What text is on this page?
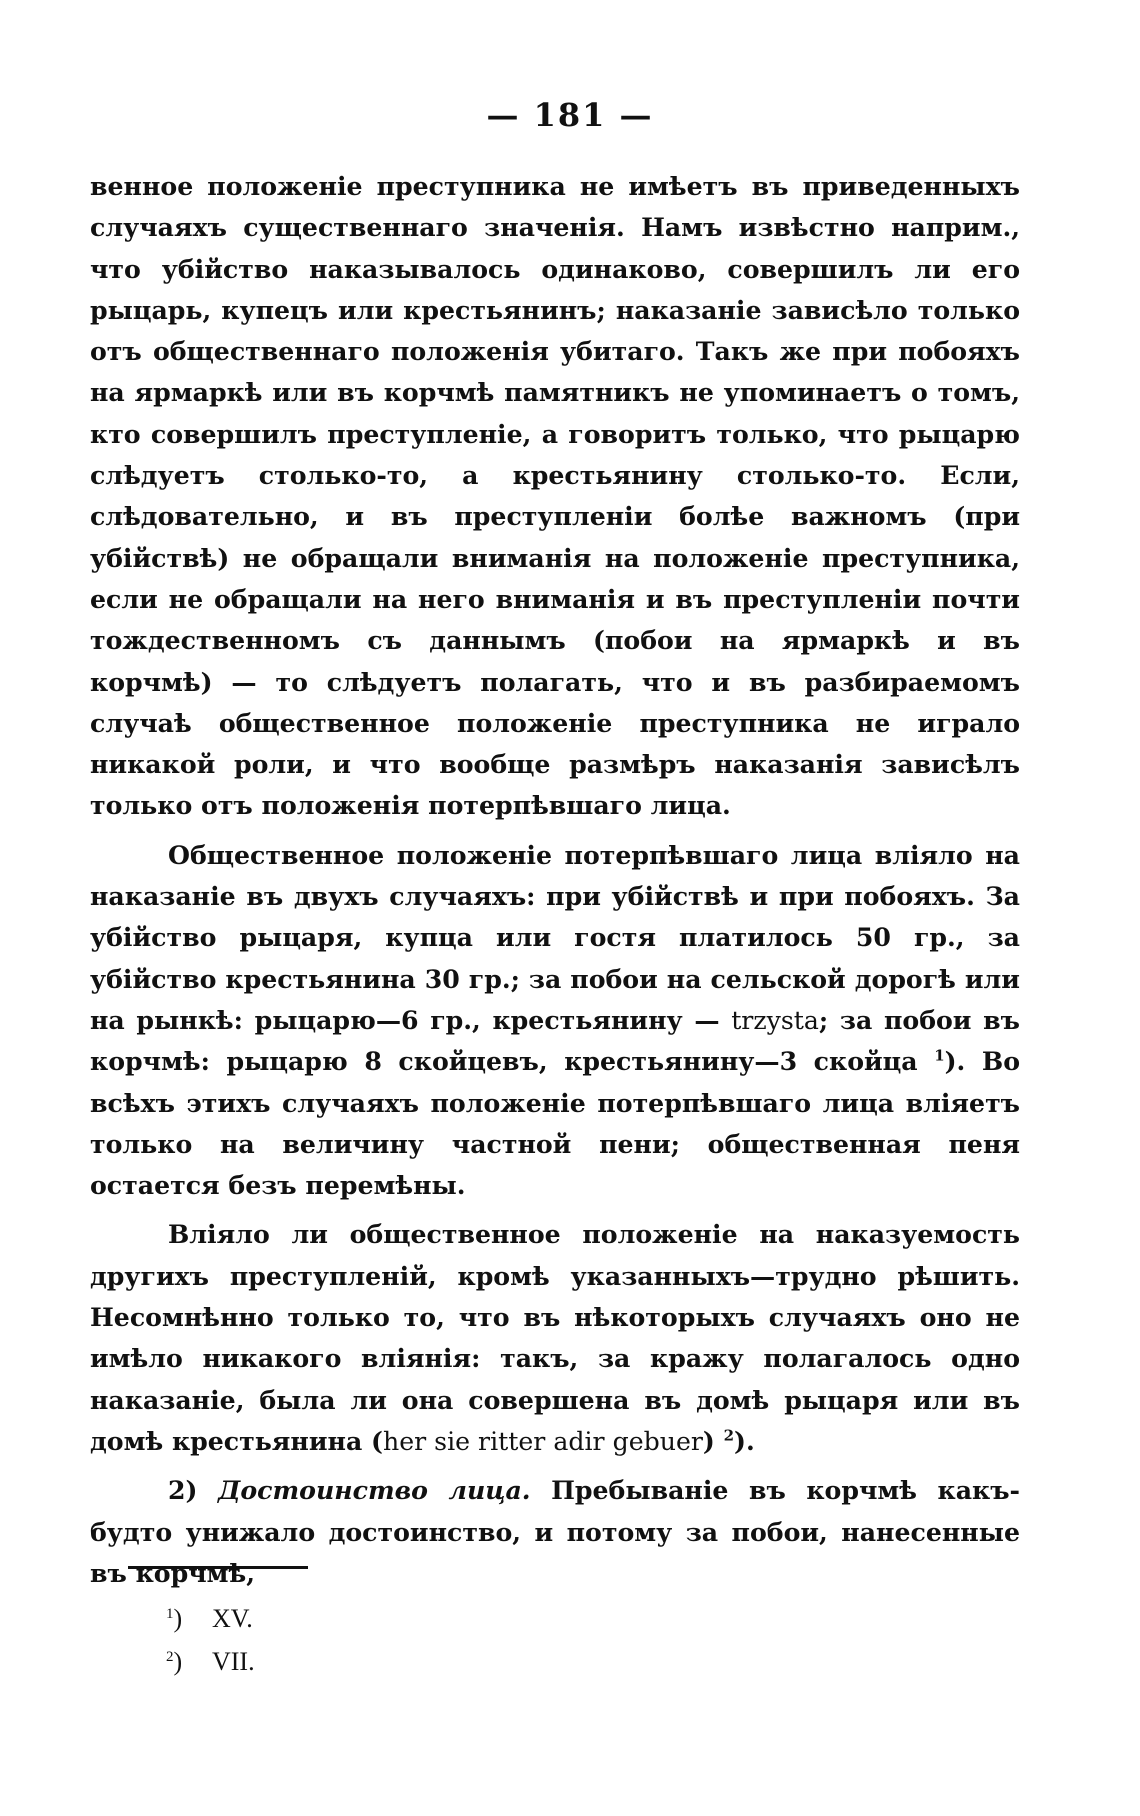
— 181 —

венное положеніе преступника не имѣетъ въ приведенныхъ случаяхъ существеннаго значенія. Намъ извѣстно наприм., что убійство наказывалось одинаково, совершилъ ли его рыцарь, купецъ или крестьянинъ; наказаніе зависѣло только отъ общественнаго положенія убитаго. Такъ же при побояхъ на ярмаркѣ или въ корчмѣ памятникъ не упоминаетъ о томъ, кто совершилъ преступленіе, а говоритъ только, что рыцарю слѣдуетъ столько-то, а крестьянину столько-то. Если, слѣдовательно, и въ преступленіи болѣе важномъ (при убійствѣ) не обращали вниманія на положеніе преступника, если не обращали на него вниманія и въ преступленіи почти тождественномъ съ даннымъ (побои на ярмаркѣ и въ корчмѣ) — то слѣдуетъ полагать, что и въ разбираемомъ случаѣ общественное положеніе преступника не играло никакой роли, и что вообще размѣръ наказанія зависѣлъ только отъ положенія потерпѣвшаго лица.

Общественное положеніе потерпѣвшаго лица вліяло на наказаніе въ двухъ случаяхъ: при убійствѣ и при побояхъ. За убійство рыцаря, купца или гостя платилось 50 гр., за убійство крестьянина 30 гр.; за побои на сельской дорогѣ или на рынкѣ: рыцарю—6 гр., крестьянину — trzysta; за побои въ корчмѣ: рыцарю 8 скойцевъ, крестьянину—3 скойца $^1$). Во всѣхъ этихъ случаяхъ положеніе потерпѣвшаго лица вліяетъ только на величину частной пени; общественная пеня остается безъ перемѣны.

Вліяло ли общественное положеніе на наказуемость другихъ преступленій, кромѣ указанныхъ—трудно рѣшить. Несомнѣнно только то, что въ нѣкоторыхъ случаяхъ оно не имѣло никакого вліянія: такъ, за кражу полагалось одно наказаніе, была ли она совершена въ домѣ рыцаря или въ домѣ крестьянина (her sie ritter adir gebuer) $^2$).

2) Достоинство лица. Пребываніе въ корчмѣ какъ-будто унижало достоинство, и потому за побои, нанесенные въ корчмѣ,

$^1$) XV.
$^2$) VII.
